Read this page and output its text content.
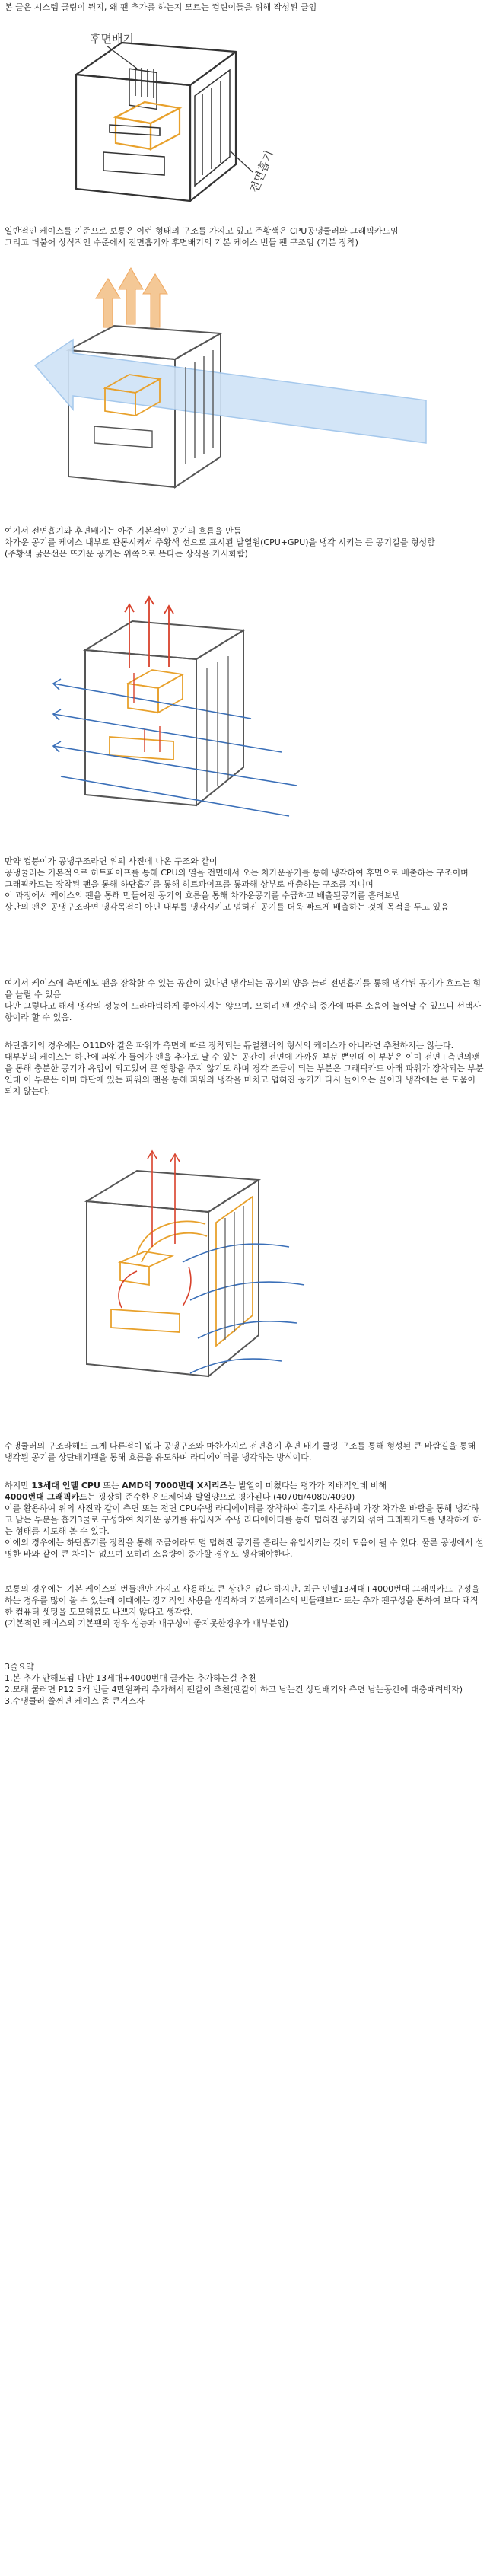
본 글은 시스템 쿨링이 뭔지, 왜 팬 추가를 하는지 모르는 컴린이들을 위해 작성된 글임

후면배기
전면흡기

일반적인 케이스를 기준으로 보통은 이런 형태의 구조를 가지고 있고 주황색은 CPU공냉쿨러와 그래픽카드임
그리고 더불어 상식적인 수준에서 전면흡기와 후면배기의 기본 케이스 번들 팬 구조임 (기본 장착)

여기서 전면흡기와 후면배기는 아주 기본적인 공기의 흐름을 만듬
차가운 공기를 케이스 내부로 관통시켜서 주황색 선으로 표시된 발열원(CPU+GPU)을 냉각 시키는 큰 공기길을 형성함
(주황색 굵은선은 뜨거운 공기는 위쪽으로 뜬다는 상식을 가시화함)

만약 컴붕이가 공냉구조라면 위의 사진에 나온 구조와 같이
공냉쿨러는 기본적으로 히트파이프를 통해 CPU의 열을 전면에서 오는 차가운공기를 통해 냉각하여 후면으로 배출하는 구조이며
그래픽카드는 장착된 팬을 통해 하단흡기를 통해 히트파이프를 통과해 상부로 배출하는 구조를 지니며
이 과정에서 케이스의 팬을 통해 만들어진 공기의 흐름을 통해 차가운공기를 수급하고 배출된공기를 흘려보냄
상단의 팬은 공냉구조라면 냉각목적이 아닌 내부를 냉각시키고 덥혀진 공기를 더욱 빠르게 배출하는 것에 목적을 두고 있음

여기서 케이스에 측면에도 팬을 장착할 수 있는 공간이 있다면 냉각되는 공기의 양을 늘려 전면흡기를 통해 냉각된 공기가 흐르는 힘을 늘릴 수 있음
다만 그렇다고 해서 냉각의 성능이 드라마틱하게 좋아지지는 않으며, 오히려 팬 갯수의 증가에 따른 소음이 늘어날 수 있으니 선택사항이라 할 수 있음.

하단흡기의 경우에는 O11D와 같은 파워가 측면에 따로 장착되는 듀얼챔버의 형식의 케이스가 아니라면 추천하지는 않는다.
대부분의 케이스는 하단에 파워가 들어가 팬을 추가로 달 수 있는 공간이 전면에 가까운 부분 뿐인데 이 부분은 이미 전면+측면의팬을 통해 충분한 공기가 유입이 되고있어 큰 영향을 주지 않기도 하며 경각 조금이 되는 부분은 그래픽카드 아래 파워가 장착되는 부분인데 이 부분은 이미 하단에 있는 파워의 팬을 통해 파워의 냉각을 마치고 덥혀진 공기가 다시 들어오는 꼴이라 냉각에는 큰 도움이 되지 않는다.

수냉쿨러의 구조라해도 크게 다른점이 없다 공냉구조와 마찬가지로 전면흡기 후면 배기 쿨링 구조를 통해 형성된 큰 바람길을 통해 냉각된 공기를 상단배기팬을 통해 흐름을 유도하며 라디에이터를 냉각하는 방식이다.

하지만 13세대 인텔 CPU 또는 AMD의 7000번대 X시리즈는 발열이 미쳤다는 평가가 지배적인데 비해
4000번대 그래픽카드는 굉장히 준수한 온도체어와 발열양으로 평가된다 (4070ti/4080/4090)
이를 활용하여 위의 사진과 같이 측면 또는 전면 CPU수냉 라디에이터를 장착하여 흡기로 사용하며 가장 차가운 바람을 통해 냉각하고 남는 부분을 흡기3쿨로 구성하여 차가운 공기를 유입시켜 수냉 라디에이터를 통해 덥혀진 공기와 섞여 그래픽카드를 냉각하게 하는 형태를 시도해 볼 수 있다.
이에의 경우에는 하단흡기를 장착을 통해 조금이라도 덜 덥혀진 공기를 흘리는 유입시키는 것이 도움이 될 수 있다. 물론 공냉에서 설명한 바와 같이 큰 차이는 없으며 오히려 소음량이 증가할 경우도 생각해야한다.

보통의 경우에는 기본 케이스의 번들팬만 가지고 사용해도 큰 상관은 없다 하지만, 최근 인텔13세대+4000번대 그래픽카드 구성을 하는 경우를 많이 볼 수 있는데 이때에는 장기적인 사용을 생각하며 기본케이스의 번들팬보다 또는 추가 팬구성을 통하여 보다 쾌적한 컴퓨터 셋팅을 도모해봄도 나쁘지 않다고 생각함.
(기본적인 케이스의 기본팬의 경우 성능과 내구성이 좋지못한경우가 대부분임)

3줄요약
1.본 추가 안해도됨 다만 13세대+4000번대 글카는 추가하는걸 추천
2.모래 쿨러면 P12 5개 번들 4만원짜리 추가해서 팬갈이 추천(팬갈이 하고 남는건 상단배기와 측면 남는공간에 대충때려박자)
3.수냉쿨러 쓸꺼면 케이스 좀 큰거스자
